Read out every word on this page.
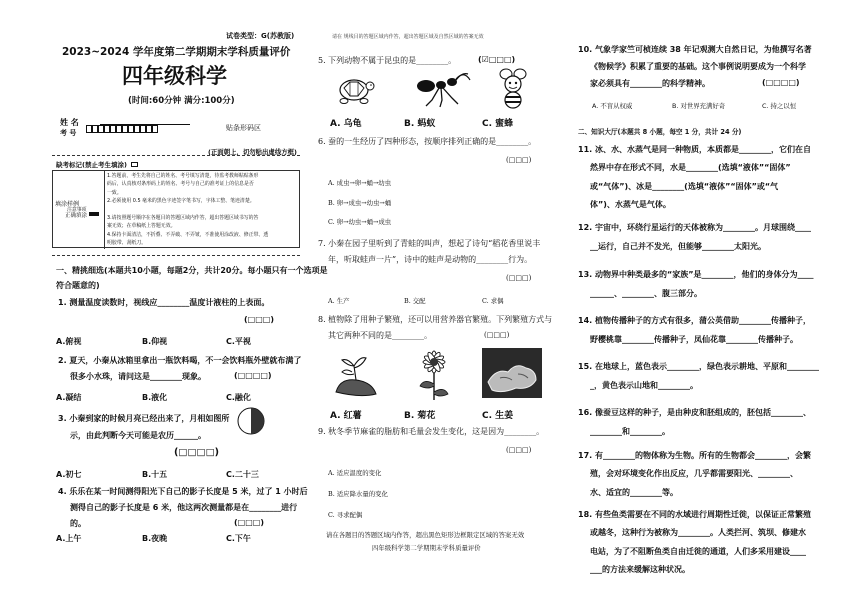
试卷类型：G(苏教版)	请在 规线目的答题区域内作答，超出答题区域及自然区域的答案无效
2023~2024 学年度第二学期期末学科质量评价
四年级科学
(时间:60分钟 满分:100分)
姓 名
考 号
贴条形码区
(正面朝上，切勿贴出虚线方框)
缺考标记(禁止考生填涂)
填涂样例
正确填涂
1.答题前，考生先将自己的姓名、考号填写清楚，待监考教师粘贴条形
码后，认真核对条形码上的姓名、考号与自己的准考证上的信息是否
一致。
2.必须使用 0.5 毫米的黑色字迹签字笔书写，字体工整、笔迹清楚。
注意事项
3.请按照题号顺序在各题目的答题区域内作答，超出答题区域书写的答
案无效；在草稿纸上答题无效。
4.保持卡面清洁，不折叠、不弄破、不弄皱，不准使用涂改液、修正带、透
明胶带、刮纸刀。
一、精挑细选(本题共10小题，每题2分，共计20分。每小题只有一个选项是
符合题意的)
1. 测量温度读数时，视线应________温度计液柱的上表面。
(□□□)
A.俯视	B.仰视	C.平视
2. 夏天，小秦从冰箱里拿出一瓶饮料喝，不一会饮料瓶外壁就布满了
很多小水珠，请问这是________现象。	(□□□□)
A.凝结	B.液化	C.融化
3. 小秦到家的时候月亮已经出来了，月相如图所
示，由此判断今天可能是农历______。
(□□□□)
A.初七	B.十五	C.二十三
4. 乐乐在某一时间测得阳光下自己的影子长度是 5 米，过了 1 小时后
测得自己的影子长度是 6 米，他这两次测量都是在________进行
的。	(□□□)
A.上午	B.夜晚	C.下午
5. 下列动物不属于昆虫的是________。	(☑□□□)
A. 乌龟	B. 蚂蚁	C. 蜜蜂
6. 蚕的一生经历了四种形态，按顺序排列正确的是________。
(□□□)
A. 成虫→卵→蛹→幼虫
B. 卵→成虫→幼虫→蛹
C. 卵→幼虫→蛹→成虫
7. 小秦在园子里听到了青蛙的叫声，想起了诗句“稻花香里说丰
年，听取蛙声一片”，诗中的蛙声是动物的________行为。
(□□□)
A. 生产	B. 交配	C. 求偶
8. 植物除了用种子繁殖，还可以用营养器官繁殖。下列繁殖方式与
其它两种不同的是________。	(□□□)
A. 红薯	B. 菊花	C. 生姜
9. 秋冬季节麻雀的脂肪和毛量会发生变化，这是因为________。
(□□□)
A. 适应温度的变化
B. 适应降水量的变化
C. 寻求配偶
请在各题目的答题区域内作答，超出黑色矩形边框限定区域的答案无效
四年级科学第二学期期末学科质量评价
10. 气象学家竺可桢连续 38 年记观测大自然日记，为他撰写名著
《物候学》积累了重要的基础。这个事例说明要成为一个科学
家必须具有________的科学精神。	(□□□□)
A. 不盲从权威	B. 对世界充满好奇	C. 持之以恒
二、知识大厅(本题共 8 小题，每空 1 分，共计 24 分)
11. 冰、水、水蒸气是同一种物质，本质都是________，它们在自
然界中存在形式不同，水是________(选填“液体”“固体”
或“气体”)、冰是________(选填“液体”“固体”或“气
体”)、水蒸气是气体。
12. 宇宙中，环绕行星运行的天体被称为________。月球围绕____
__运行，自己并不发光，但能够________太阳光。
13. 动物界中种类最多的“家族”是________，他们的身体分为____
______、________、腹三部分。
14. 植物传播种子的方式有很多，蒲公英借助________传播种子，
野樱桃靠________传播种子，凤仙花靠________传播种子。
15. 在地球上，蓝色表示________，绿色表示耕地、平原和________
_，黄色表示山地和________。
16. 像蚕豆这样的种子，是由种皮和胚组成的，胚包括________、
________和________。
17. 有________的物体称为生物。所有的生物都会________，会繁
殖，会对环境变化作出反应，几乎都需要阳光、________、
水、适宜的________等。
18. 有些鱼类需要在不同的水域进行周期性迁徙，以保证正常繁殖
或越冬，这种行为被称为________。人类拦河、筑坝、修建水
电站，为了不阻断鱼类自由迁徙的通道，人们多采用建设____
___的方法来缓解这种状况。
